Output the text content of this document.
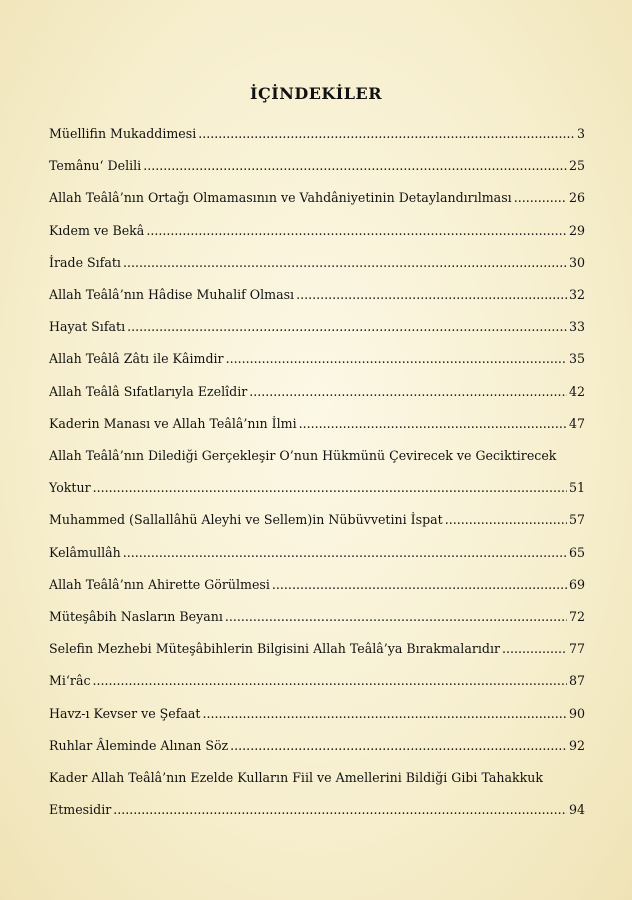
İÇİNDEKİLER
Müellifin Mukaddimesi .....	3
Temânu‘ Delili .....	25
Allah Teâlâ’nın Ortağı Olmamasının ve Vahdâniyetinin Detaylandırılması .....	26
Kıdem ve Bekâ .....	29
İrade Sıfatı .....	30
Allah Teâlâ’nın Hâdise Muhalif Olması .....	32
Hayat Sıfatı .....	33
Allah Teâlâ Zâtı ile Kâimdir .....	35
Allah Teâlâ Sıfatlarıyla Ezelîdir .....	42
Kaderin Manası ve Allah Teâlâ’nın İlmi .....	47
Allah Teâlâ’nın Dilediği Gerçekleşir O’nun Hükmünü Çevirecek ve Geciktirecek
Yoktur .....	51
Muhammed (Sallallâhü Aleyhi ve Sellem)in Nübüvvetini İspat .....	57
Kelâmullâh .....	65
Allah Teâlâ’nın Ahirette Görülmesi .....	69
Müteşâbih Nasların Beyanı .....	72
Selefin Mezhebi Müteşâbihlerin Bilgisini Allah Teâlâ’ya Bırakmalarıdır .....	77
Mi‘râc .....	87
Havz-ı Kevser ve Şefaat .....	90
Ruhlar Âleminde Alınan Söz .....	92
Kader Allah Teâlâ’nın Ezelde Kulların Fiil ve Amellerini Bildiği Gibi Tahakkuk
Etmesidir .....	94
